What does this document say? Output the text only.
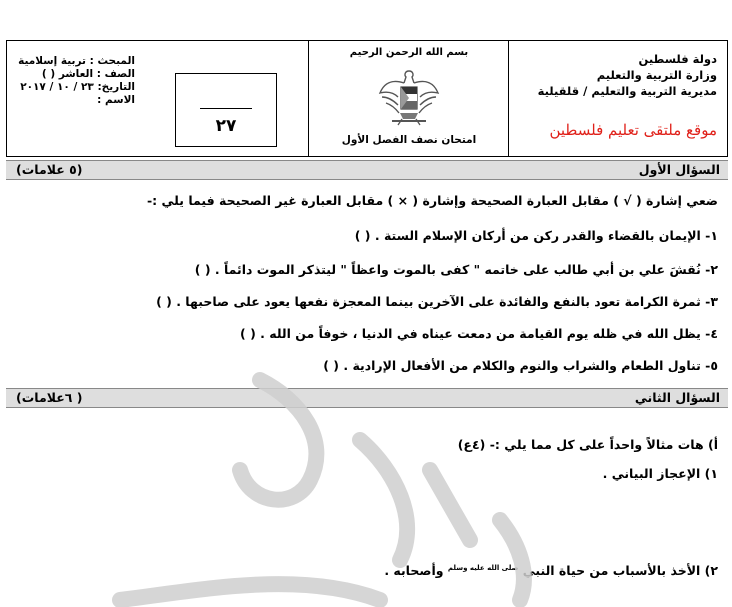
دولة فلسطين
وزارة التربية والتعليم
مديرية التربية والتعليم / قلقيلية
موقع ملتقى تعليم فلسطين
بسم الله الرحمن الرحيم
امتحان نصف الفصل الأول
المبحث : تربية إسلامية
الصف : العاشر ( )
التاريخ: ٢٣ / ١٠ / ٢٠١٧
الاسم :
٢٧
السؤال الأول
(٥ علامات)
ضعي إشارة ( √ ) مقابل العبارة الصحيحة وإشارة ( × ) مقابل العبارة غير الصحيحة فيما يلي :-
١- الإيمان بالقضاء والقدر ركن من أركان الإسلام الستة . ( )
٢- نُقشَ علي بن أبي طالب على خاتمه " كفى بالموت واعظاً " ليتذكر الموت دائماً . ( )
٣- ثمرة الكرامة تعود بالنفع والفائدة على الآخرين بينما المعجزة نفعها يعود على صاحبها . ( )
٤- يظل الله في ظله يوم القيامة من دمعت عيناه في الدنيا ، خوفاً من الله . ( )
٥- تناول الطعام والشراب والنوم والكلام من الأفعال الإرادية . ( )
السؤال الثاني
( ٦علامات)
أ) هات مثالاً واحداً على كل مما يلي :- (٤ع)
١) الإعجاز البياني .
٢) الأخذ بالأسباب من حياة النبي $^{صلى الله عليه وسلم}$ وأصحابه .
